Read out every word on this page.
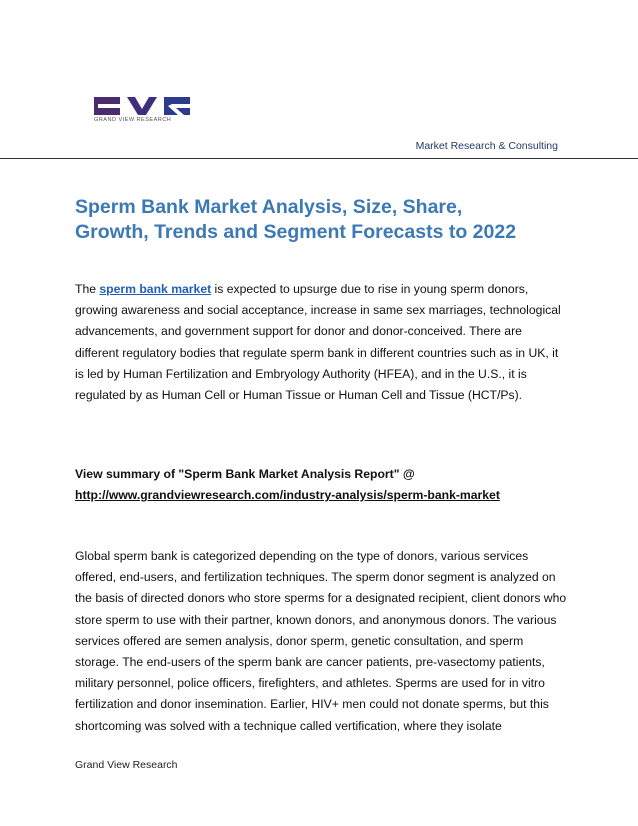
GRAND VIEW RESEARCH
Market Research & Consulting
Sperm Bank Market Analysis, Size, Share,
Growth, Trends and Segment Forecasts to 2022

The sperm bank market is expected to upsurge due to rise in young sperm donors, growing awareness and social acceptance, increase in same sex marriages, technological advancements, and government support for donor and donor-conceived. There are different regulatory bodies that regulate sperm bank in different countries such as in UK, it is led by Human Fertilization and Embryology Authority (HFEA), and in the U.S., it is regulated by as Human Cell or Human Tissue or Human Cell and Tissue (HCT/Ps).

View summary of "Sperm Bank Market Analysis Report" @
http://www.grandviewresearch.com/industry-analysis/sperm-bank-market

Global sperm bank is categorized depending on the type of donors, various services offered, end-users, and fertilization techniques. The sperm donor segment is analyzed on the basis of directed donors who store sperms for a designated recipient, client donors who store sperm to use with their partner, known donors, and anonymous donors. The various services offered are semen analysis, donor sperm, genetic consultation, and sperm storage. The end-users of the sperm bank are cancer patients, pre-vasectomy patients, military personnel, police officers, firefighters, and athletes. Sperms are used for in vitro fertilization and donor insemination. Earlier, HIV+ men could not donate sperms, but this shortcoming was solved with a technique called vertification, where they isolate

Grand View Research
